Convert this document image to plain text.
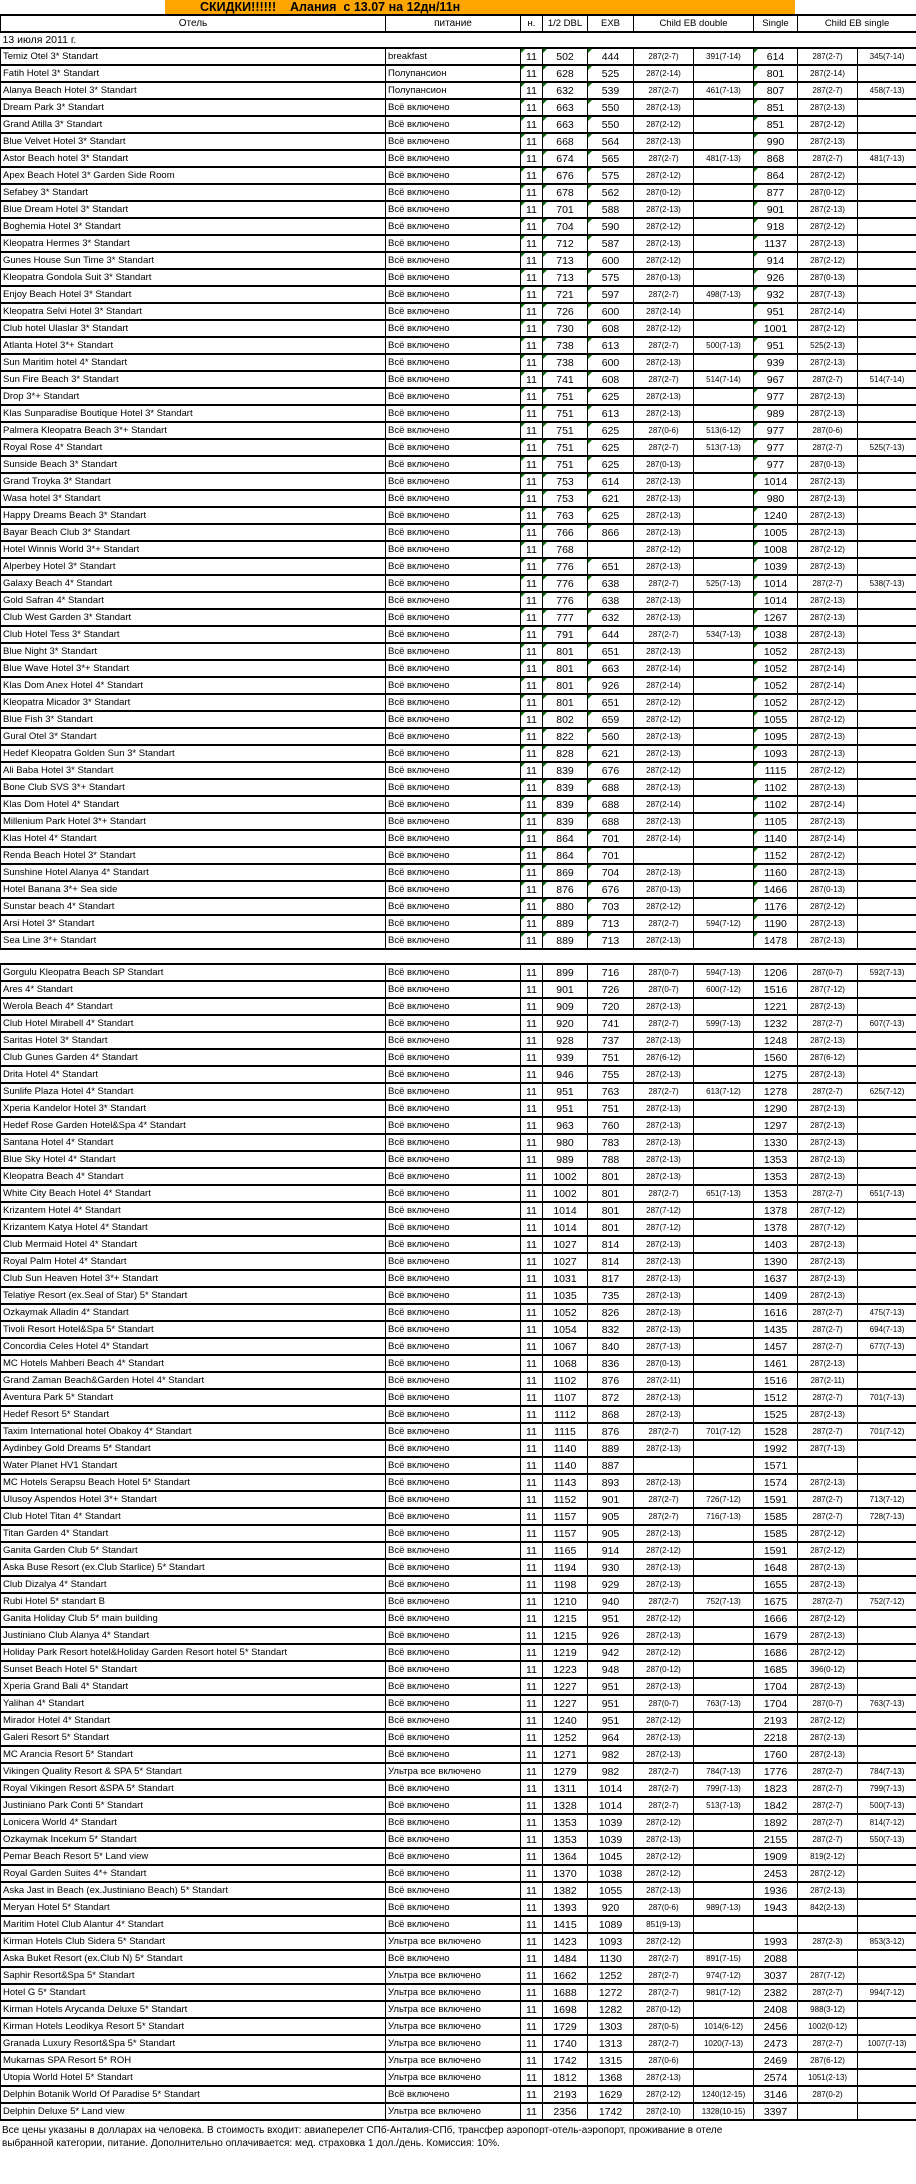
СКИДКИ!!!!!!    Алания  с 13.07 на 12дн/11н
Отель	питание	н.	1/2 DBL	EXB	Child EB double		Single	Child EB single	
13 июля 2011 г.									
Temiz Otel 3* Standart	breakfast	11	502	444	287(2-7)	391(7-14)	614	287(2-7)	345(7-14)
Fatih Hotel 3* Standart	Полупансион	11	628	525	287(2-14)		801	287(2-14)	
Alanya Beach Hotel 3* Standart	Полупансион	11	632	539	287(2-7)	461(7-13)	807	287(2-7)	458(7-13)
Dream Park 3* Standart	Всё включено	11	663	550	287(2-13)		851	287(2-13)	
Grand Atilla 3* Standart	Всё включено	11	663	550	287(2-12)		851	287(2-12)	
Blue Velvet Hotel 3* Standart	Всё включено	11	668	564	287(2-13)		990	287(2-13)	
Astor Beach hotel 3* Standart	Всё включено	11	674	565	287(2-7)	481(7-13)	868	287(2-7)	481(7-13)
Apex Beach Hotel 3* Garden Side Room	Всё включено	11	676	575	287(2-12)		864	287(2-12)	
Sefabey 3* Standart	Всё включено	11	678	562	287(0-12)		877	287(0-12)	
Blue Dream Hotel 3* Standart	Всё включено	11	701	588	287(2-13)		901	287(2-13)	
Boghemia Hotel 3* Standart	Всё включено	11	704	590	287(2-12)		918	287(2-12)	
Kleopatra Hermes 3* Standart	Всё включено	11	712	587	287(2-13)		1137	287(2-13)	
Gunes House Sun Time 3* Standart	Всё включено	11	713	600	287(2-12)		914	287(2-12)	
Kleopatra Gondola Suit 3* Standart	Всё включено	11	713	575	287(0-13)		926	287(0-13)	
Enjoy Beach Hotel 3* Standart	Всё включено	11	721	597	287(2-7)	498(7-13)	932	287(7-13)	
Kleopatra Selvi Hotel 3* Standart	Всё включено	11	726	600	287(2-14)		951	287(2-14)	
Club hotel Ulaslar 3* Standart	Всё включено	11	730	608	287(2-12)		1001	287(2-12)	
Atlanta Hotel 3*+ Standart	Всё включено	11	738	613	287(2-7)	500(7-13)	951	525(2-13)	
Sun Maritim hotel 4* Standart	Всё включено	11	738	600	287(2-13)		939	287(2-13)	
Sun Fire Beach 3* Standart	Всё включено	11	741	608	287(2-7)	514(7-14)	967	287(2-7)	514(7-14)
Drop 3*+ Standart	Всё включено	11	751	625	287(2-13)		977	287(2-13)	
Klas Sunparadise Boutique Hotel 3* Standart	Всё включено	11	751	613	287(2-13)		989	287(2-13)	
Palmera Kleopatra Beach 3*+ Standart	Всё включено	11	751	625	287(0-6)	513(6-12)	977	287(0-6)	
Royal Rose 4* Standart	Всё включено	11	751	625	287(2-7)	513(7-13)	977	287(2-7)	525(7-13)
Sunside Beach 3* Standart	Всё включено	11	751	625	287(0-13)		977	287(0-13)	
Grand Troyka 3* Standart	Всё включено	11	753	614	287(2-13)		1014	287(2-13)	
Wasa hotel 3* Standart	Всё включено	11	753	621	287(2-13)		980	287(2-13)	
Happy Dreams Beach 3* Standart	Всё включено	11	763	625	287(2-13)		1240	287(2-13)	
Bayar Beach Club 3* Standart	Всё включено	11	766	866	287(2-13)		1005	287(2-13)	
Hotel Winnis World 3*+ Standart	Всё включено	11	768		287(2-12)		1008	287(2-12)	
Alperbey Hotel 3* Standart	Всё включено	11	776	651	287(2-13)		1039	287(2-13)	
Galaxy Beach 4* Standart	Всё включено	11	776	638	287(2-7)	525(7-13)	1014	287(2-7)	538(7-13)
Gold Safran 4* Standart	Всё включено	11	776	638	287(2-13)		1014	287(2-13)	
Club West Garden 3* Standart	Всё включено	11	777	632	287(2-13)		1267	287(2-13)	
Club Hotel Tess 3* Standart	Всё включено	11	791	644	287(2-7)	534(7-13)	1038	287(2-13)	
Blue Night 3* Standart	Всё включено	11	801	651	287(2-13)		1052	287(2-13)	
Blue Wave Hotel 3*+ Standart	Всё включено	11	801	663	287(2-14)		1052	287(2-14)	
Klas Dom Anex Hotel 4* Standart	Всё включено	11	801	926	287(2-14)		1052	287(2-14)	
Kleopatra Micador 3* Standart	Всё включено	11	801	651	287(2-12)		1052	287(2-12)	
Blue Fish 3* Standart	Всё включено	11	802	659	287(2-12)		1055	287(2-12)	
Gural Otel 3* Standart	Всё включено	11	822	560	287(2-13)		1095	287(2-13)	
Hedef Kleopatra Golden Sun 3* Standart	Всё включено	11	828	621	287(2-13)		1093	287(2-13)	
Ali Baba Hotel 3* Standart	Всё включено	11	839	676	287(2-12)		1115	287(2-12)	
Bone Club SVS 3*+ Standart	Всё включено	11	839	688	287(2-13)		1102	287(2-13)	
Klas Dom Hotel 4* Standart	Всё включено	11	839	688	287(2-14)		1102	287(2-14)	
Millenium Park Hotel 3*+ Standart	Всё включено	11	839	688	287(2-13)		1105	287(2-13)	
Klas Hotel 4* Standart	Всё включено	11	864	701	287(2-14)		1140	287(2-14)	
Renda Beach Hotel 3* Standart	Всё включено	11	864	701			1152	287(2-12)	
Sunshine Hotel Alanya 4* Standart	Всё включено	11	869	704	287(2-13)		1160	287(2-13)	
Hotel Banana 3*+ Sea side	Всё включено	11	876	676	287(0-13)		1466	287(0-13)	
Sunstar beach 4* Standart	Всё включено	11	880	703	287(2-12)		1176	287(2-12)	
Arsi Hotel 3* Standart	Всё включено	11	889	713	287(2-7)	594(7-12)	1190	287(2-13)	
Sea Line 3*+ Standart	Всё включено	11	889	713	287(2-13)		1478	287(2-13)	

Gorgulu Kleopatra Beach SP Standart	Всё включено	11	899	716	287(0-7)	594(7-13)	1206	287(0-7)	592(7-13)
Ares 4* Standart	Всё включено	11	901	726	287(0-7)	600(7-12)	1516	287(7-12)	
Werola Beach 4* Standart	Всё включено	11	909	720	287(2-13)		1221	287(2-13)	
Club Hotel Mirabell 4* Standart	Всё включено	11	920	741	287(2-7)	599(7-13)	1232	287(2-7)	607(7-13)
Saritas Hotel 3* Standart	Всё включено	11	928	737	287(2-13)		1248	287(2-13)	
Club Gunes Garden 4* Standart	Всё включено	11	939	751	287(6-12)		1560	287(6-12)	
Drita Hotel 4* Standart	Всё включено	11	946	755	287(2-13)		1275	287(2-13)	
Sunlife Plaza Hotel 4* Standart	Всё включено	11	951	763	287(2-7)	613(7-12)	1278	287(2-7)	625(7-12)
Xperia Kandelor Hotel 3* Standart	Всё включено	11	951	751	287(2-13)		1290	287(2-13)	
Hedef Rose Garden Hotel&Spa 4* Standart	Всё включено	11	963	760	287(2-13)		1297	287(2-13)	
Santana Hotel 4* Standart	Всё включено	11	980	783	287(2-13)		1330	287(2-13)	
Blue Sky Hotel 4* Standart	Всё включено	11	989	788	287(2-13)		1353	287(2-13)	
Kleopatra Beach 4* Standart	Всё включено	11	1002	801	287(2-13)		1353	287(2-13)	
White City Beach Hotel 4* Standart	Всё включено	11	1002	801	287(2-7)	651(7-13)	1353	287(2-7)	651(7-13)
Krizantem Hotel 4* Standart	Всё включено	11	1014	801	287(7-12)		1378	287(7-12)	
Krizantem Katya Hotel 4* Standart	Всё включено	11	1014	801	287(7-12)		1378	287(7-12)	
Club Mermaid Hotel 4* Standart	Всё включено	11	1027	814	287(2-13)		1403	287(2-13)	
Royal Palm Hotel 4* Standart	Всё включено	11	1027	814	287(2-13)		1390	287(2-13)	
Club Sun Heaven Hotel 3*+ Standart	Всё включено	11	1031	817	287(2-13)		1637	287(2-13)	
Telatiye Resort (ex.Seal of Star) 5* Standart	Всё включено	11	1035	735	287(2-13)		1409	287(2-13)	
Ozkaymak Alladin 4* Standart	Всё включено	11	1052	826	287(2-13)		1616	287(2-7)	475(7-13)
Tivoli Resort Hotel&Spa 5* Standart	Всё включено	11	1054	832	287(2-13)		1435	287(2-7)	694(7-13)
Concordia Celes Hotel 4* Standart	Всё включено	11	1067	840	287(7-13)		1457	287(2-7)	677(7-13)
MC Hotels Mahberi Beach 4* Standart	Всё включено	11	1068	836	287(0-13)		1461	287(2-13)	
Grand Zaman Beach&Garden Hotel 4* Standart	Всё включено	11	1102	876	287(2-11)		1516	287(2-11)	
Aventura Park 5* Standart	Всё включено	11	1107	872	287(2-13)		1512	287(2-7)	701(7-13)
Hedef Resort 5* Standart	Всё включено	11	1112	868	287(2-13)		1525	287(2-13)	
Taxim International hotel Obakoy 4* Standart	Всё включено	11	1115	876	287(2-7)	701(7-12)	1528	287(2-7)	701(7-12)
Aydinbey Gold Dreams 5* Standart	Всё включено	11	1140	889	287(2-13)		1992	287(7-13)	
Water Planet HV1 Standart	Всё включено	11	1140	887			1571		
MC Hotels Serapsu Beach Hotel 5* Standart	Всё включено	11	1143	893	287(2-13)		1574	287(2-13)	
Ulusoy Aspendos Hotel 3*+ Standart	Всё включено	11	1152	901	287(2-7)	726(7-12)	1591	287(2-7)	713(7-12)
Club Hotel Titan 4* Standart	Всё включено	11	1157	905	287(2-7)	716(7-13)	1585	287(2-7)	728(7-13)
Titan Garden 4* Standart	Всё включено	11	1157	905	287(2-13)		1585	287(2-12)	
Ganita Garden Club 5* Standart	Всё включено	11	1165	914	287(2-12)		1591	287(2-12)	
Aska Buse Resort (ex.Club Starlice) 5* Standart	Всё включено	11	1194	930	287(2-13)		1648	287(2-13)	
Club Dizalya 4* Standart	Всё включено	11	1198	929	287(2-13)		1655	287(2-13)	
Rubi Hotel 5* standart B	Всё включено	11	1210	940	287(2-7)	752(7-13)	1675	287(2-7)	752(7-12)
Ganita Holiday Club 5* main building	Всё включено	11	1215	951	287(2-12)		1666	287(2-12)	
Justiniano Club Alanya 4* Standart	Всё включено	11	1215	926	287(2-13)		1679	287(2-13)	
Holiday Park Resort hotel&Holiday Garden Resort hotel 5* Standart	Всё включено	11	1219	942	287(2-12)		1686	287(2-12)	
Sunset Beach Hotel 5* Standart	Всё включено	11	1223	948	287(0-12)		1685	396(0-12)	
Xperia Grand Bali 4* Standart	Всё включено	11	1227	951	287(2-13)		1704	287(2-13)	
Yalihan 4* Standart	Всё включено	11	1227	951	287(0-7)	763(7-13)	1704	287(0-7)	763(7-13)
Mirador Hotel 4* Standart	Всё включено	11	1240	951	287(2-12)		2193	287(2-12)	
Galeri Resort 5* Standart	Всё включено	11	1252	964	287(2-13)		2218	287(2-13)	
MC Arancia Resort 5* Standart	Всё включено	11	1271	982	287(2-13)		1760	287(2-13)	
Vikingen Quality Resort & SPA 5* Standart	Ультра все включено	11	1279	982	287(2-7)	784(7-13)	1776	287(2-7)	784(7-13)
Royal Vikingen Resort &SPA 5* Standart	Всё включено	11	1311	1014	287(2-7)	799(7-13)	1823	287(2-7)	799(7-13)
Justiniano Park Conti 5* Standart	Всё включено	11	1328	1014	287(2-7)	513(7-13)	1842	287(2-7)	500(7-13)
Lonicera World 4* Standart	Всё включено	11	1353	1039	287(2-12)		1892	287(2-7)	814(7-12)
Ozkaymak Incekum 5* Standart	Всё включено	11	1353	1039	287(2-13)		2155	287(2-7)	550(7-13)
Pemar Beach Resort 5* Land view	Всё включено	11	1364	1045	287(2-12)		1909	819(2-12)	
Royal Garden Suites 4*+ Standart	Всё включено	11	1370	1038	287(2-12)		2453	287(2-12)	
Aska Jast in Beach (ex.Justiniano Beach) 5* Standart	Всё включено	11	1382	1055	287(2-13)		1936	287(2-13)	
Meryan Hotel 5* Standart	Всё включено	11	1393	920	287(0-6)	989(7-13)	1943	842(2-13)	
Maritim Hotel Club Alantur 4* Standart	Всё включено	11	1415	1089	851(9-13)				
Kirman Hotels Club Sidera 5* Standart	Ультра все включено	11	1423	1093	287(2-12)		1993	287(2-3)	853(3-12)
Aska Buket Resort (ex.Club N) 5* Standart	Всё включено	11	1484	1130	287(2-7)	891(7-15)	2088		
Saphir Resort&Spa 5* Standart	Ультра все включено	11	1662	1252	287(2-7)	974(7-12)	3037	287(7-12)	
Hotel G 5* Standart	Ультра все включено	11	1688	1272	287(2-7)	981(7-12)	2382	287(2-7)	994(7-12)
Kirman Hotels Arycanda Deluxe 5* Standart	Ультра все включено	11	1698	1282	287(0-12)		2408	988(3-12)	
Kirman Hotels Leodikya Resort 5* Standart	Ультра все включено	11	1729	1303	287(0-5)	1014(6-12)	2456	1002(0-12)	
Granada Luxury Resort&Spa 5* Standart	Ультра все включено	11	1740	1313	287(2-7)	1020(7-13)	2473	287(2-7)	1007(7-13)
Mukarnas SPA Resort 5* ROH	Ультра все включено	11	1742	1315	287(0-6)		2469	287(6-12)	
Utopia World Hotel 5* Standart	Ультра все включено	11	1812	1368	287(2-13)		2574	1051(2-13)	
Delphin Botanik World Of Paradise 5* Standart	Всё включено	11	2193	1629	287(2-12)	1240(12-15)	3146	287(0-2)	
Delphin Deluxe 5* Land view	Ультра все включено	11	2356	1742	287(2-10)	1328(10-15)	3397		
Все цены указаны в долларах на человека. В стоимость входит: авиаперелет СПб-Анталия-СПб, трансфер аэропорт-отель-аэропорт, проживание в отеле
выбранной категории, питание. Дополнительно оплачивается: мед. страховка 1 дол./день. Комиссия: 10%.
